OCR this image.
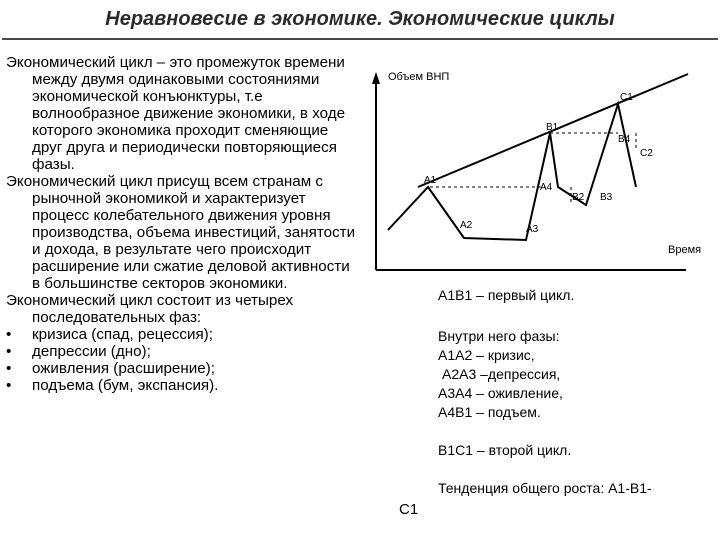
Неравновесие в экономике. Экономические циклы

Экономический цикл – это промежуток времени между двумя одинаковыми состояниями экономической конъюнктуры, т.е волнообразное движение экономики, в ходе которого экономика проходит сменяющие друг друга и периодически повторяющиеся фазы.

Экономический цикл присущ всем странам с рыночной экономикой и характеризует процесс колебательного движения уровня производства, объема инвестиций, занятости и дохода, в результате чего происходит расширение или сжатие деловой активности в большинстве секторов экономики.

Экономический цикл состоит из четырех последовательных фаз:

• кризиса (спад, рецессия);
• депрессии (дно);
• оживления (расширение);
• подъема (бум, экспансия).
Объем ВНП
Время
A1
A2	A3
A4
B1
B2 B3
B4
C1
C2
A1B1 – первый цикл.
Внутри него фазы:
A1A2 – кризис,
A2A3 –депрессия,
A3A4 – оживление,
A4B1 – подъем.
B1C1 – второй цикл.
Тенденция общего роста: A1-B1-
C1
